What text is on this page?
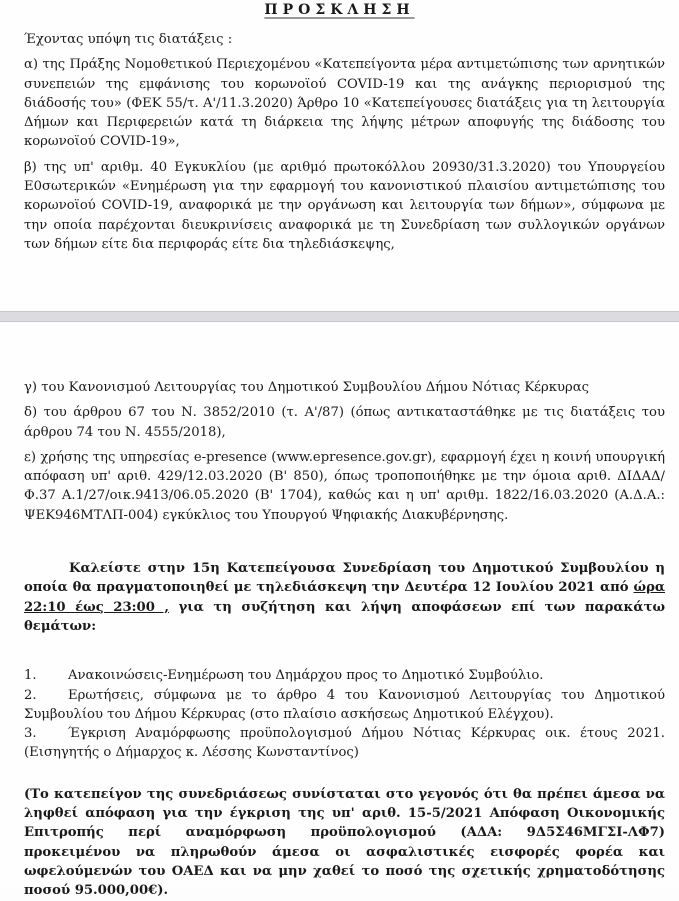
ΠΡΟΣΚΛΗΣΗ

Έχοντας υπόψη τις διατάξεις :

α) της Πράξης Νομοθετικού Περιεχομένου «Κατεπείγοντα μέρα αντιμετώπισης των αρνητικών συνεπειών της εμφάνισης του κορωνοϊού COVID-19 και της ανάγκης περιορισμού της διάδοσής του» (ΦΕΚ 55/τ. Α'/11.3.2020) Άρθρο 10 «Κατεπείγουσες διατάξεις για τη λειτουργία Δήμων και Περιφερειών κατά τη διάρκεια της λήψης μέτρων αποφυγής της διάδοσης του κορωνοϊού COVID-19»,

β) της υπ' αριθμ. 40 Εγκυκλίου (με αριθμό πρωτοκόλλου 20930/31.3.2020) του Υπουργείου Ε0σωτερικών «Ενημέρωση για την εφαρμογή του κανονιστικού πλαισίου αντιμετώπισης του κορωνοϊού COVID-19, αναφορικά με την οργάνωση και λειτουργία των δήμων», σύμφωνα με την οποία παρέχονται διευκρινίσεις αναφορικά με τη Συνεδρίαση των συλλογικών οργάνων των δήμων είτε δια περιφοράς είτε δια τηλεδιάσκεψης,

γ) του Κανονισμού Λειτουργίας του Δημοτικού Συμβουλίου Δήμου Νότιας Κέρκυρας

δ) του άρθρου 67 του Ν. 3852/2010 (τ. Α'/87) (όπως αντικαταστάθηκε με τις διατάξεις του άρθρου 74 του Ν. 4555/2018),

ε) χρήσης της υπηρεσίας e-presence (www.epresence.gov.gr), εφαρμογή έχει η κοινή υπουργική απόφαση υπ' αριθ. 429/12.03.2020 (Β' 850), όπως τροποποιήθηκε με την όμοια αριθ. ΔΙΔΑΔ/Φ.37 Α.1/27/οικ.9413/06.05.2020 (Β' 1704), καθώς και η υπ' αριθμ. 1822/16.03.2020 (Α.Δ.Α.: ΨΕΚ946ΜΤΛΠ-004) εγκύκλιος του Υπουργού Ψηφιακής Διακυβέρνησης.

Καλείστε στην 15η Κατεπείγουσα Συνεδρίαση του Δημοτικού Συμβουλίου η οποία θα πραγματοποιηθεί με τηλεδιάσκεψη την Δευτέρα 12 Ιουλίου 2021 από ώρα 22:10 έως 23:00 , για τη συζήτηση και λήψη αποφάσεων επί των παρακάτω θεμάτων:

1. Ανακοινώσεις-Ενημέρωση του Δημάρχου προς το Δημοτικό Συμβούλιο.

2. Ερωτήσεις, σύμφωνα με το άρθρο 4 του Κανονισμού Λειτουργίας του Δημοτικού Συμβουλίου του Δήμου Κέρκυρας (στο πλαίσιο ασκήσεως Δημοτικού Ελέγχου).

3. Έγκριση Αναμόρφωσης προϋπολογισμού Δήμου Νότιας Κέρκυρας οικ. έτους 2021. (Εισηγητής ο Δήμαρχος κ. Λέσσης Κωνσταντίνος)

(Το κατεπείγον της συνεδριάσεως συνίσταται στο γεγονός ότι θα πρέπει άμεσα να ληφθεί απόφαση για την έγκριση της υπ' αριθ. 15-5/2021 Απόφαση Οικονομικής Επιτροπής περί αναμόρφωση προϋπολογισμού (ΑΔΑ: 9Δ5Σ46ΜΓΣΙ-ΛΦ7) προκειμένου να πληρωθούν άμεσα οι ασφαλιστικές εισφορές φορέα και ωφελούμενών του ΟΑΕΔ και να μην χαθεί το ποσό της σχετικής χρηματοδότησης ποσού 95.000,00€).
